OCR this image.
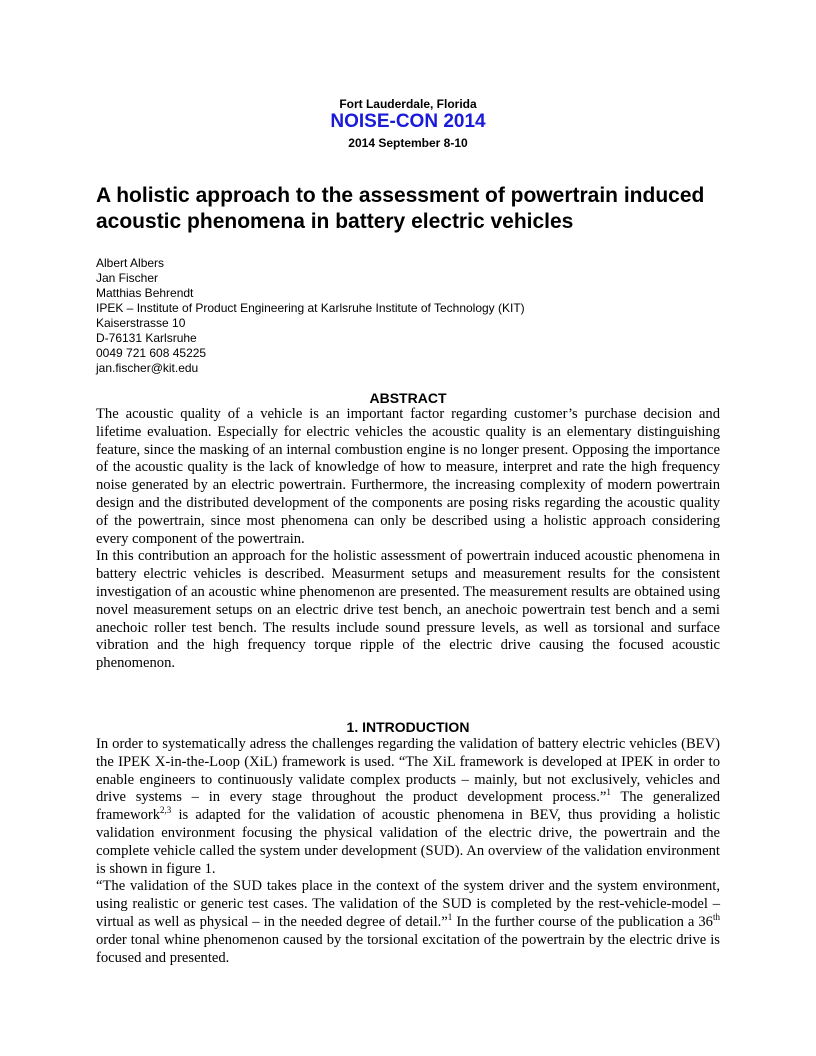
Fort Lauderdale, Florida
NOISE-CON 2014
2014 September 8-10
A holistic approach to the assessment of powertrain induced acoustic phenomena in battery electric vehicles
Albert Albers
Jan Fischer
Matthias Behrendt
IPEK – Institute of Product Engineering at Karlsruhe Institute of Technology (KIT)
Kaiserstrasse 10
D-76131 Karlsruhe
0049 721 608 45225
jan.fischer@kit.edu
ABSTRACT

The acoustic quality of a vehicle is an important factor regarding customer’s purchase decision and lifetime evaluation. Especially for electric vehicles the acoustic quality is an elementary distinguishing feature, since the masking of an internal combustion engine is no longer present. Opposing the importance of the acoustic quality is the lack of knowledge of how to measure, interpret and rate the high frequency noise generated by an electric powertrain. Furthermore, the increasing complexity of modern powertrain design and the distributed development of the components are posing risks regarding the acoustic quality of the powertrain, since most phenomena can only be described using a holistic approach considering every component of the powertrain.

In this contribution an approach for the holistic assessment of powertrain induced acoustic phenomena in battery electric vehicles is described. Measurment setups and measurement results for the consistent investigation of an acoustic whine phenomenon are presented. The measurement results are obtained using novel measurement setups on an electric drive test bench, an anechoic powertrain test bench and a semi anechoic roller test bench. The results include sound pressure levels, as well as torsional and surface vibration and the high frequency torque ripple of the electric drive causing the focused acoustic phenomenon.

1. INTRODUCTION

In order to systematically adress the challenges regarding the validation of battery electric vehicles (BEV) the IPEK X-in-the-Loop (XiL) framework is used. “The XiL framework is developed at IPEK in order to enable engineers to continuously validate complex products – mainly, but not exclusively, vehicles and drive systems – in every stage throughout the product development process.”$^1$ The generalized framework$^{2,3}$ is adapted for the validation of acoustic phenomena in BEV, thus providing a holistic validation environment focusing the physical validation of the electric drive, the powertrain and the complete vehicle called the system under development (SUD). An overview of the validation environment is shown in figure 1.

“The validation of the SUD takes place in the context of the system driver and the system environment, using realistic or generic test cases. The validation of the SUD is completed by the rest-vehicle-model – virtual as well as physical – in the needed degree of detail.”$^1$ In the further course of the publication a 36th order tonal whine phenomenon caused by the torsional excitation of the powertrain by the electric drive is focused and presented.
